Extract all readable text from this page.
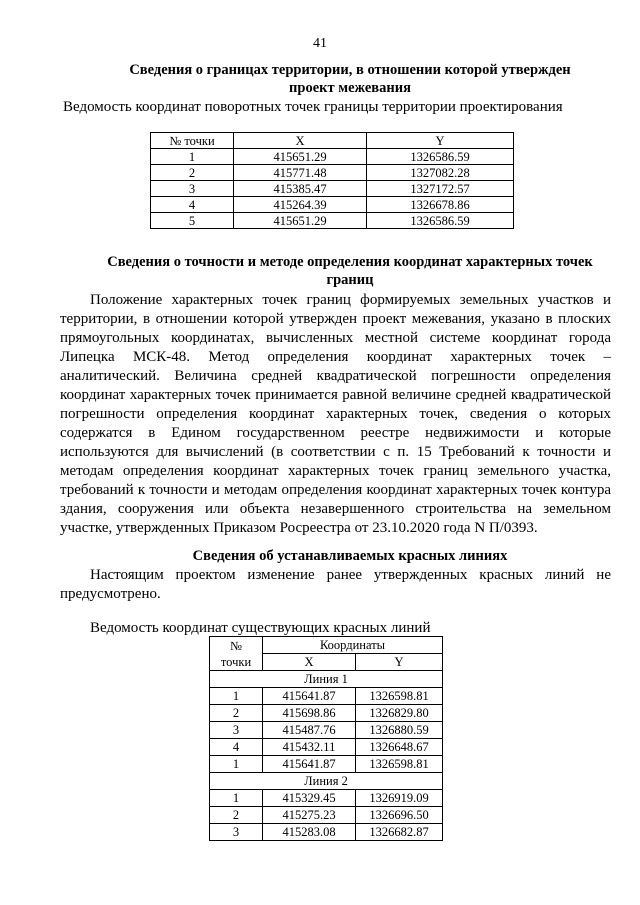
41
Сведения о границах территории, в отношении которой утвержден
проект межевания
Ведомость координат поворотных точек границы территории проектирования
№ точки	X	Y
1	415651.29	1326586.59
2	415771.48	1327082.28
3	415385.47	1327172.57
4	415264.39	1326678.86
5	415651.29	1326586.59
Сведения о точности и методе определения координат характерных точек
границ
Положение характерных точек границ формируемых земельных участков и
территории, в отношении которой утвержден проект межевания, указано в плоских
прямоугольных координатах, вычисленных местной системе координат города
Липецка МСК-48. Метод определения координат характерных точек –
аналитический. Величина средней квадратической погрешности определения
координат характерных точек принимается равной величине средней квадратической
погрешности определения координат характерных точек, сведения о которых
содержатся в Едином государственном реестре недвижимости и которые
используются для вычислений (в соответствии с п. 15 Требований к точности и
методам определения координат характерных точек границ земельного участка,
требований к точности и методам определения координат характерных точек контура
здания, сооружения или объекта незавершенного строительства на земельном
участке, утвержденных Приказом Росреестра от 23.10.2020 года N П/0393.
Сведения об устанавливаемых красных линиях
Настоящим проектом изменение ранее утвержденных красных линий не
предусмотрено.
Ведомость координат существующих красных линий
№
точки	Координаты	
	X	Y
Линия 1		
1	415641.87	1326598.81
2	415698.86	1326829.80
3	415487.76	1326880.59
4	415432.11	1326648.67
1	415641.87	1326598.81
Линия 2		
1	415329.45	1326919.09
2	415275.23	1326696.50
3	415283.08	1326682.87
